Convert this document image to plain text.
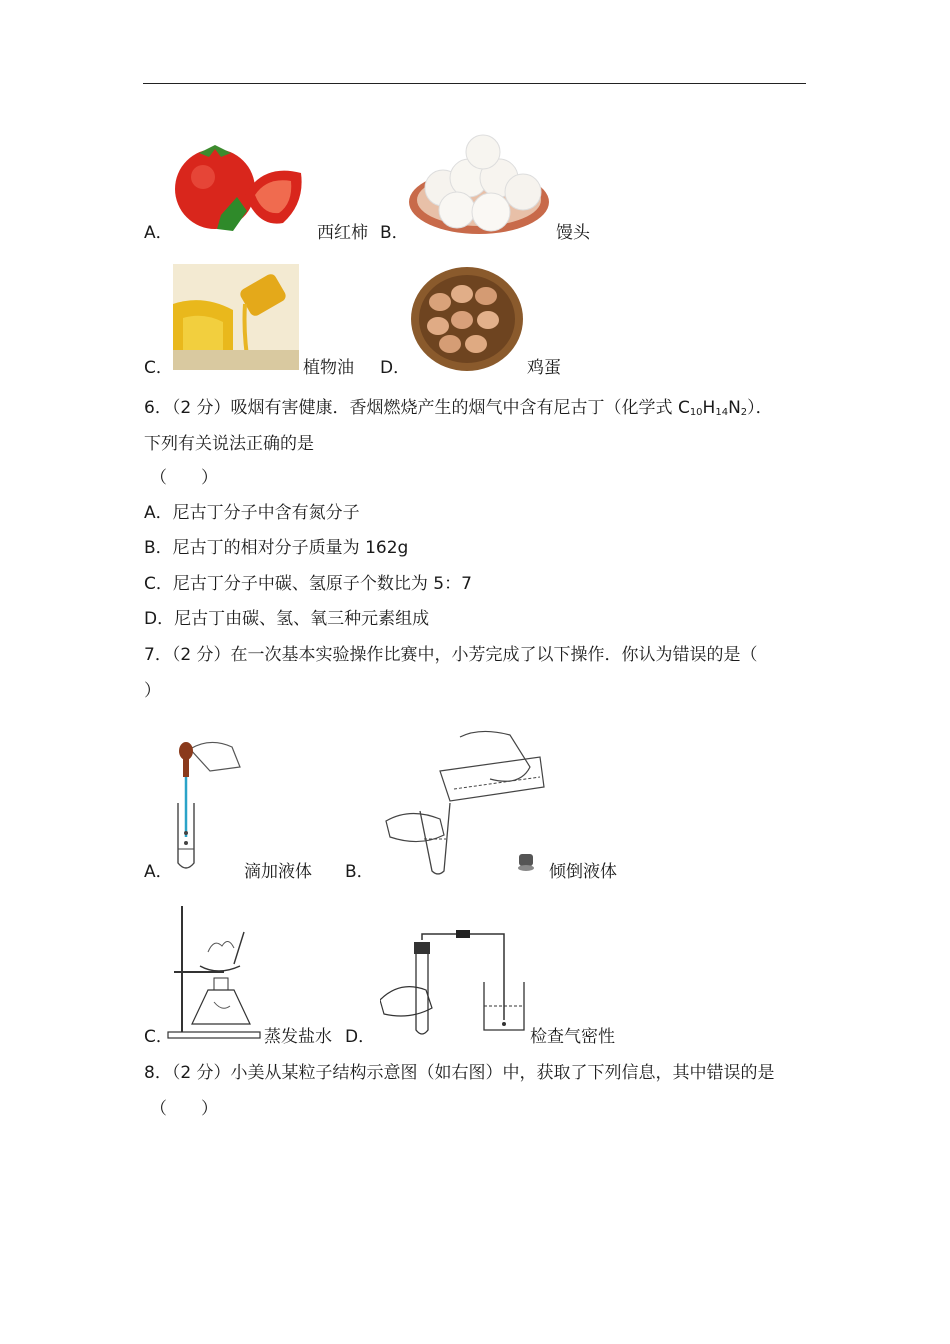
A．	西红柿 B．	馒头
C．	植物油 D．	鸡蛋
6．（2 分）吸烟有害健康．香烟燃烧产生的烟气中含有尼古丁（化学式 $C_{10}H_{14}N_2$）．
下列有关说法正确的是
（　　）
A．尼古丁分子中含有氮分子
B．尼古丁的相对分子质量为 162g
C．尼古丁分子中碳、氢原子个数比为 5：7
D．尼古丁由碳、氢、氧三种元素组成
7．（2 分）在一次基本实验操作比赛中，小芳完成了以下操作．你认为错误的是（
）
A．	滴加液体 B．	倾倒液体
C．	蒸发盐水 D．	检查气密性
8．（2 分）小美从某粒子结构示意图（如右图）中，获取了下列信息，其中错误的是
（　　）
